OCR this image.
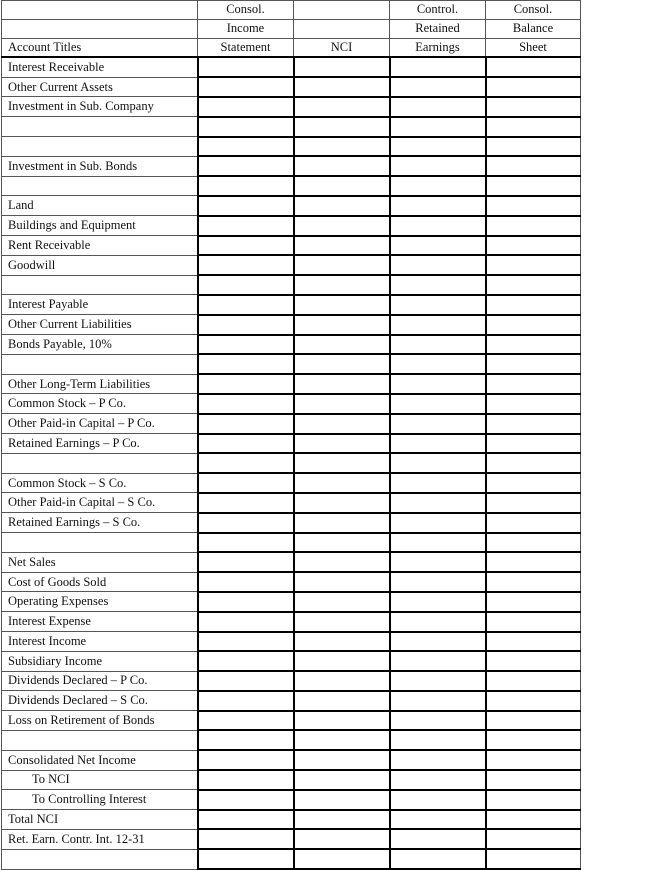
	Consol.		Control.	Consol.
	Income		Retained	Balance
Account Titles	Statement	NCI	Earnings	Sheet
Interest Receivable				
Other Current Assets				
Investment in Sub. Company				

Investment in Sub. Bonds				

Land				
Buildings and Equipment				
Rent Receivable				
Goodwill				

Interest Payable				
Other Current Liabilities				
Bonds Payable, 10%				

Other Long-Term Liabilities				
Common Stock – P Co.				
Other Paid-in Capital – P Co.				
Retained Earnings – P Co.				

Common Stock – S Co.				
Other Paid-in Capital – S Co.				
Retained Earnings – S Co.				

Net Sales				
Cost of Goods Sold				
Operating Expenses				
Interest Expense				
Interest Income				
Subsidiary Income				
Dividends Declared – P Co.				
Dividends Declared – S Co.				
Loss on Retirement of Bonds				

Consolidated Net Income				
To NCI				
To Controlling Interest				
Total NCI				
Ret. Earn. Contr. Int. 12-31				
